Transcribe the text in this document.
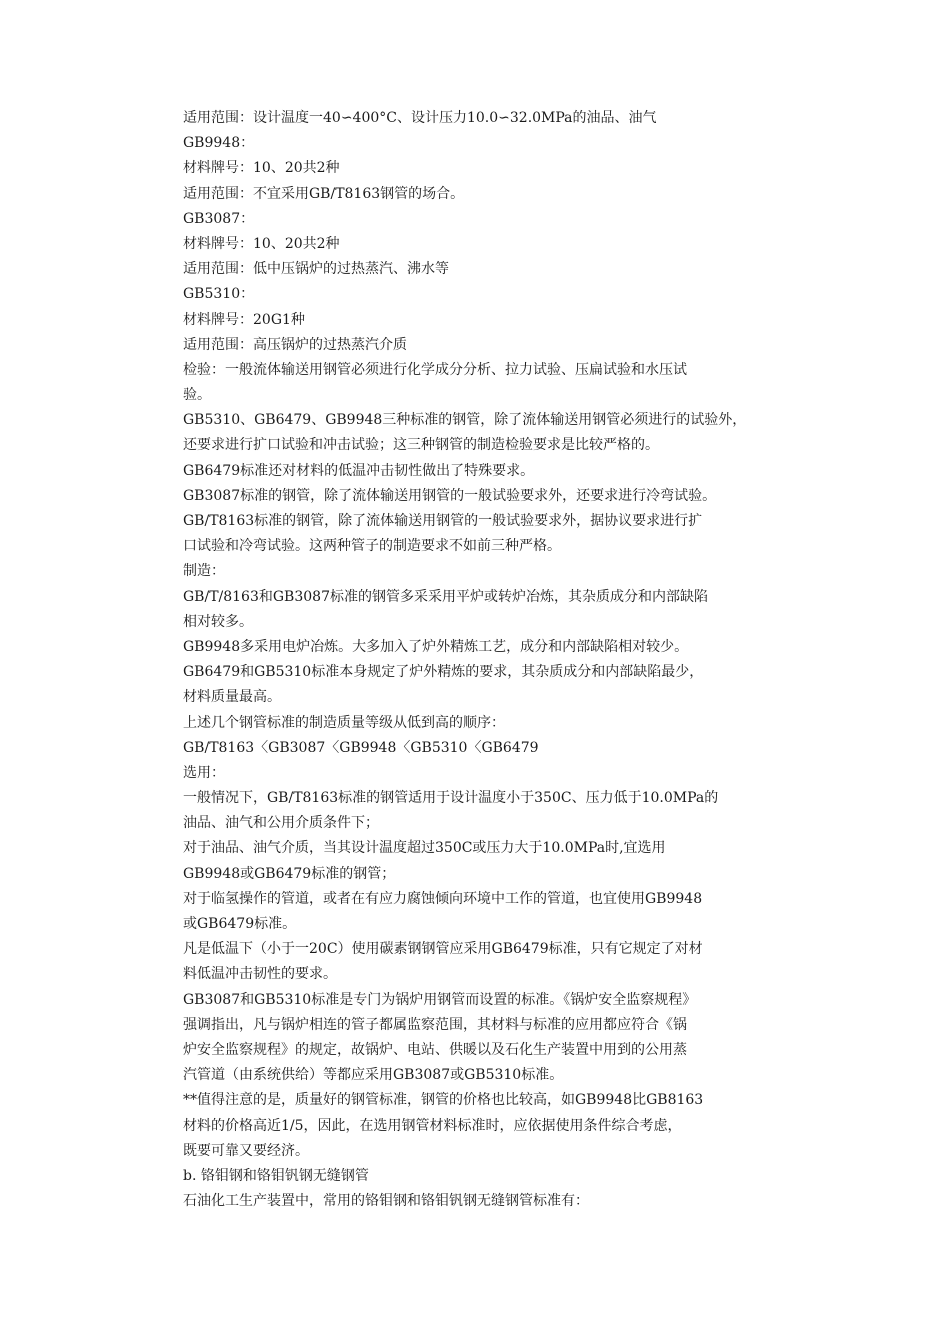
适用范围：设计温度一40∽400°C、设计压力10.0∽32.0MPa的油品、油气
GB9948：
材料牌号：10、20共2种
适用范围：不宜采用GB/T8163钢管的场合。
GB3087：
材料牌号：10、20共2种
适用范围：低中压锅炉的过热蒸汽、沸水等
GB5310：
材料牌号：20G1种
适用范围：高压锅炉的过热蒸汽介质
检验：一般流体输送用钢管必须进行化学成分分析、拉力试验、压扁试验和水压试
验。
GB5310、GB6479、GB9948三种标准的钢管，除了流体输送用钢管必须进行的试验外，
还要求进行扩口试验和冲击试验；这三种钢管的制造检验要求是比较严格的。
GB6479标准还对材料的低温冲击韧性做出了特殊要求。
GB3087标准的钢管，除了流体输送用钢管的一般试验要求外，还要求进行冷弯试验。
GB/T8163标准的钢管，除了流体输送用钢管的一般试验要求外，据协议要求进行扩
口试验和冷弯试验。这两种管子的制造要求不如前三种严格。
制造：
GB/T/8163和GB3087标准的钢管多采采用平炉或转炉冶炼，其杂质成分和内部缺陷
相对较多。
GB9948多采用电炉冶炼。大多加入了炉外精炼工艺，成分和内部缺陷相对较少。
GB6479和GB5310标准本身规定了炉外精炼的要求，其杂质成分和内部缺陷最少，
材料质量最高。
上述几个钢管标准的制造质量等级从低到高的顺序：
GB/T8163〈GB3087〈GB9948〈GB5310〈GB6479
选用：
一般情况下，GB/T8163标准的钢管适用于设计温度小于350C、压力低于10.0MPa的
油品、油气和公用介质条件下；
对于油品、油气介质，当其设计温度超过350C或压力大于10.0MPa时,宜选用
GB9948或GB6479标准的钢管；
对于临氢操作的管道，或者在有应力腐蚀倾向环境中工作的管道，也宜使用GB9948
或GB6479标准。
凡是低温下（小于一20C）使用碳素钢钢管应采用GB6479标准，只有它规定了对材
料低温冲击韧性的要求。
GB3087和GB5310标准是专门为锅炉用钢管而设置的标准。《锅炉安全监察规程》
强调指出，凡与锅炉相连的管子都属监察范围，其材料与标准的应用都应符合《锅
炉安全监察规程》的规定，故锅炉、电站、供暖以及石化生产装置中用到的公用蒸
汽管道（由系统供给）等都应采用GB3087或GB5310标准。
**值得注意的是，质量好的钢管标准，钢管的价格也比较高，如GB9948比GB8163
材料的价格高近1/5，因此，在选用钢管材料标准时，应依据使用条件综合考虑，
既要可靠又要经济。
b. 铬钼钢和铬钼钒钢无缝钢管
石油化工生产装置中，常用的铬钼钢和铬钼钒钢无缝钢管标准有：
